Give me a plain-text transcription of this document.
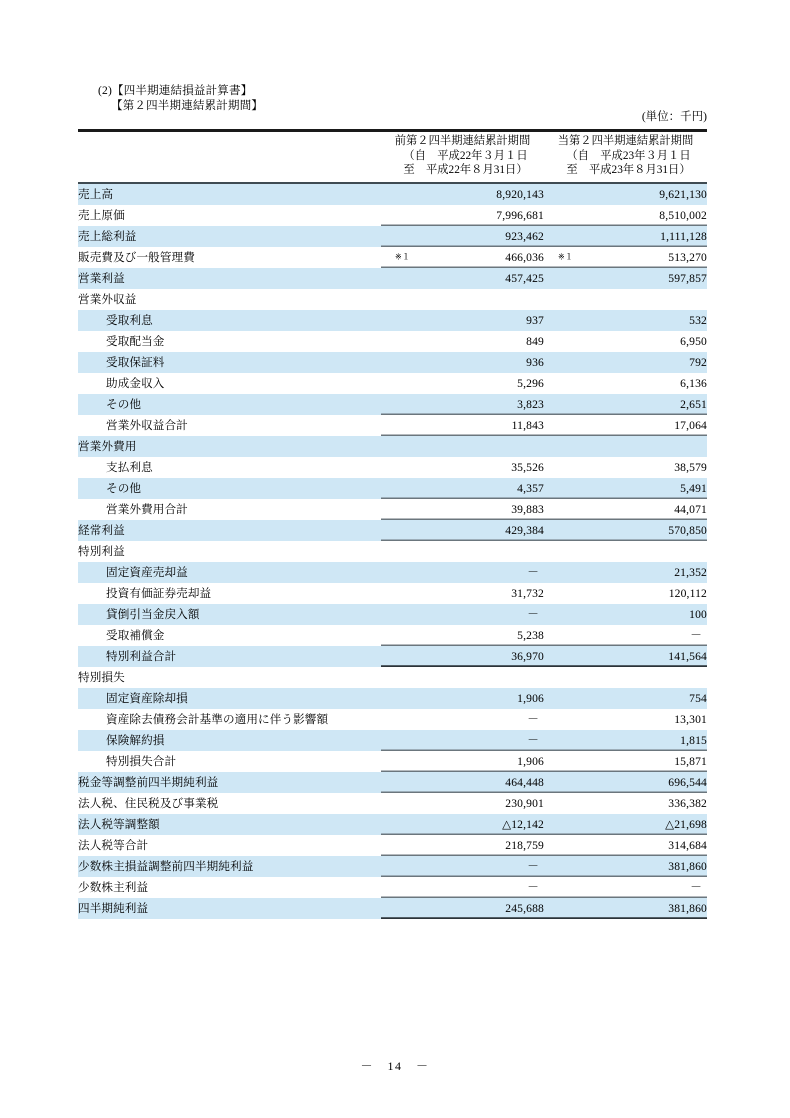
(2)【四半期連結損益計算書】
【第２四半期連結累計期間】
(単位：千円)

	前第２四半期連結累計期間
（自　平成22年３月１日
至　平成22年８月31日）	当第２四半期連結累計期間
（自　平成23年３月１日
至　平成23年８月31日）

売上高	8,920,143	9,621,130
売上原価	7,996,681	8,510,002
売上総利益	923,462	1,111,128
販売費及び一般管理費	※１ 466,036	※１ 513,270
営業利益	457,425	597,857
営業外収益		
受取利息	937	532
受取配当金	849	6,950
受取保証料	936	792
助成金収入	5,296	6,136
その他	3,823	2,651
営業外収益合計	11,843	17,064
営業外費用		
支払利息	35,526	38,579
その他	4,357	5,491
営業外費用合計	39,883	44,071
経常利益	429,384	570,850
特別利益		
固定資産売却益	－	21,352
投資有価証券売却益	31,732	120,112
貸倒引当金戻入額	－	100
受取補償金	5,238	－
特別利益合計	36,970	141,564
特別損失		
固定資産除却損	1,906	754
資産除去債務会計基準の適用に伴う影響額	－	13,301
保険解約損	－	1,815
特別損失合計	1,906	15,871
税金等調整前四半期純利益	464,448	696,544
法人税、住民税及び事業税	230,901	336,382
法人税等調整額	△12,142	△21,698
法人税等合計	218,759	314,684
少数株主損益調整前四半期純利益	－	381,860
少数株主利益	－	－
四半期純利益	245,688	381,860
－　14　－
